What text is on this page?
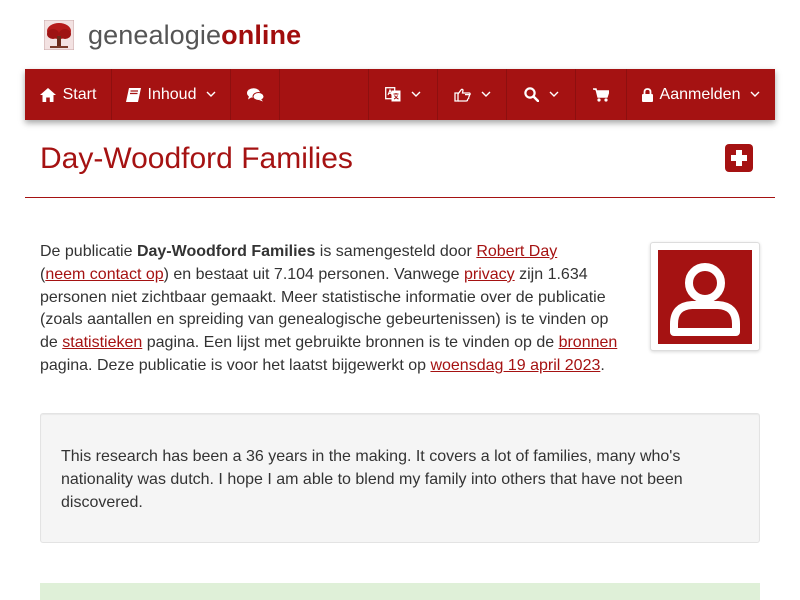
genealogieonline
Start	Inhoud	Aanmelden
Day-Woodford Families
De publicatie Day-Woodford Families is samengesteld door Robert Day
(neem contact op) en bestaat uit 7.104 personen. Vanwege privacy zijn 1.634 personen niet zichtbaar gemaakt. Meer statistische informatie over de publicatie (zoals aantallen en spreiding van genealogische gebeurtenissen) is te vinden op de statistieken pagina. Een lijst met gebruikte bronnen is te vinden op de bronnen pagina. Deze publicatie is voor het laatst bijgewerkt op woensdag 19 april 2023.

This research has been a 36 years in the making. It covers a lot of families, many who's nationality was dutch. I hope I am able to blend my family into others that have not been discovered.
